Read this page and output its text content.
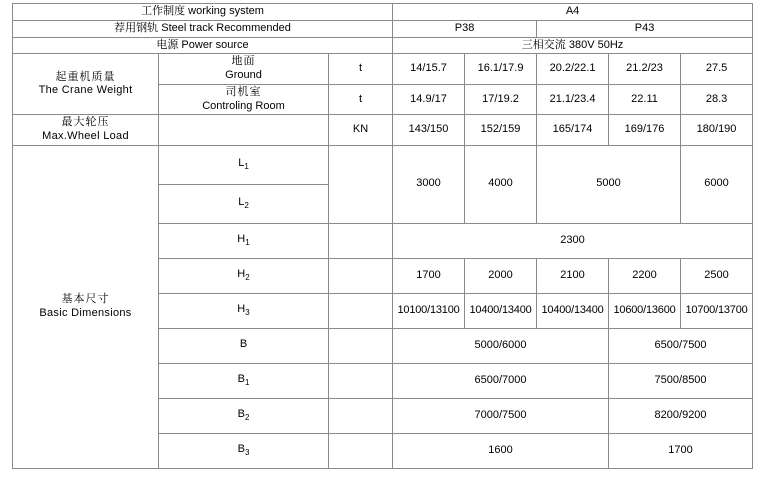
工作制度 working system			A4				
荐用钢轨 Steel track Recommended			P38		P43		
电源 Power source			三相交流 380V 50Hz				

起重机质量
The Crane Weight	地面
Ground	t	14/15.7	16.1/17.9	20.2/22.1	21.2/23	27.5

	司机室
Controling Room	t	14.9/17	17/19.2	21.1/23.4	22.11	28.3

最大轮压
Max.Wheel Load		KN	143/150	152/159	165/174	169/176	180/190

基本尺寸
Basic Dimensions	$L_1$		3000	4000	5000		6000
	$L_2$
	$H_1$		2300				
	$H_2$		1700	2000	2100	2200	2500
	$H_3$		10100/13100	10400/13400	10400/13400	10600/13600	10700/13700
	B		5000/6000			6500/7500	
	$B_1$		6500/7000			7500/8500	
	$B_2$		7000/7500			8200/9200	
	$B_3$		1600			1700	
